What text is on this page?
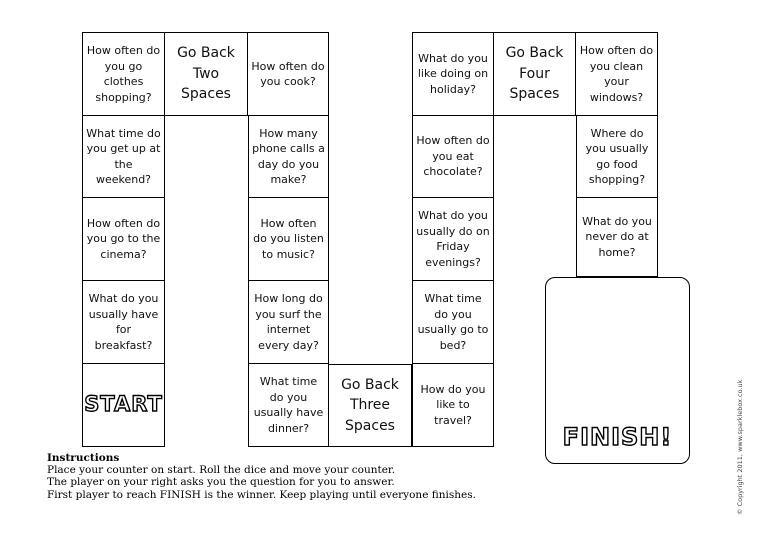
How often do you go clothes shopping?
Go Back Two Spaces
How often do you cook?
What do you like doing on holiday?
Go Back Four Spaces
How often do you clean your windows?
What time do you get up at the weekend?
How many phone calls a day do you make?
How often do you eat chocolate?
Where do you usually go food shopping?
How often do you go to the cinema?
How often do you listen to music?
What do you usually do on Friday evenings?
What do you never do at home?
What do you usually have for breakfast?
How long do you surf the internet every day?
What time do you usually go to bed?
START
What time do you usually have dinner?
Go Back Three Spaces
How do you like to travel?
FINISH!
Instructions
Place your counter on start. Roll the dice and move your counter.
The player on your right asks you the question for you to answer.
First player to reach FINISH is the winner. Keep playing until everyone finishes.	© Copyright 2011, www.sparklebox.co.uk
